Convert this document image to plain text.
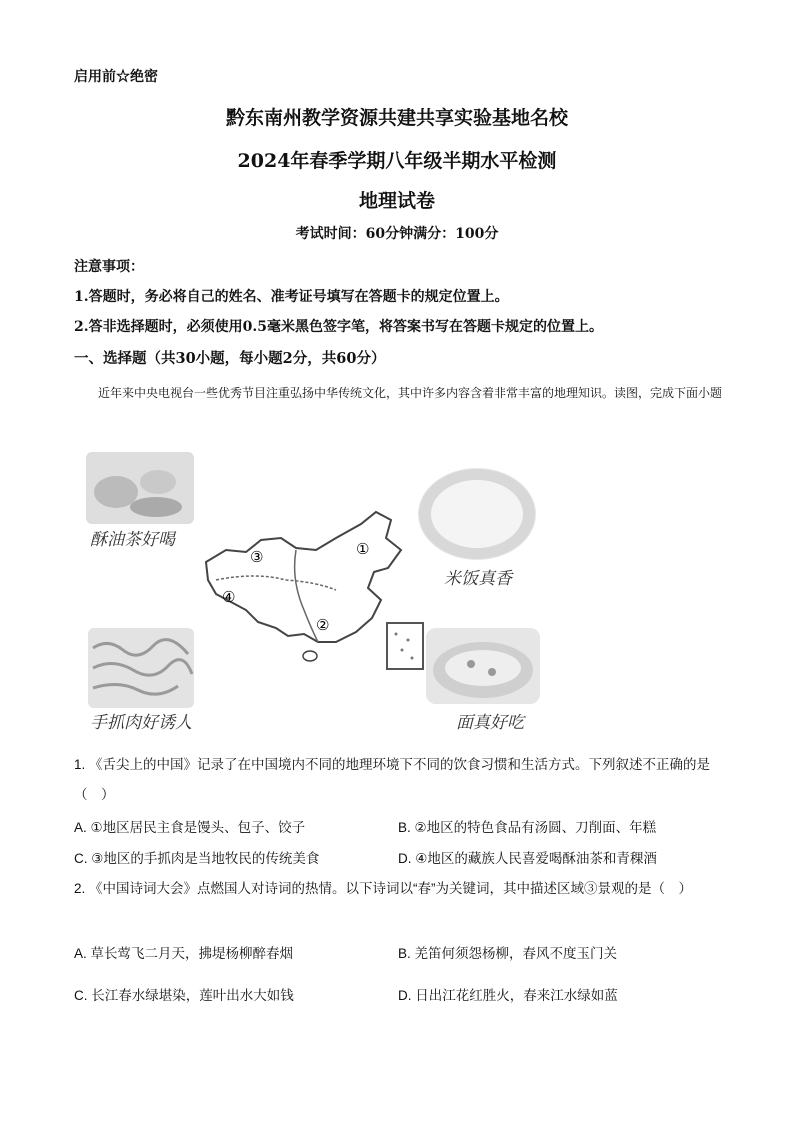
启用前☆绝密
黔东南州教学资源共建共享实验基地名校
2024年春季学期八年级半期水平检测
地理试卷
考试时间：60分钟满分：100分
注意事项：
1.答题时，务必将自己的姓名、准考证号填写在答题卡的规定位置上。
2.答非选择题时，必须使用0.5毫米黑色签字笔，将答案书写在答题卡规定的位置上。
一、选择题（共30小题，每小题2分，共60分）
近年来中央电视台一些优秀节目注重弘扬中华传统文化，其中许多内容含着非常丰富的地理知识。读图，完成下面小题
酥油茶好喝
米饭真香
手抓肉好诱人	面真好吃
①
②
③
④
1. 《舌尖上的中国》记录了在中国境内不同的地理环境下不同的饮食习惯和生活方式。下列叙述不正确的是（　）
A. ①地区居民主食是馒头、包子、饺子	B. ②地区的特色食品有汤圆、刀削面、年糕
C. ③地区的手抓肉是当地牧民的传统美食	D. ④地区的藏族人民喜爱喝酥油茶和青稞酒
2. 《中国诗词大会》点燃国人对诗词的热情。以下诗词以“春”为关键词，其中描述区域③景观的是（　）
A. 草长莺飞二月天，拂堤杨柳醉春烟	B. 羌笛何须怨杨柳，春风不度玉门关
C. 长江春水绿堪染，莲叶出水大如钱	D. 日出江花红胜火，春来江水绿如蓝
